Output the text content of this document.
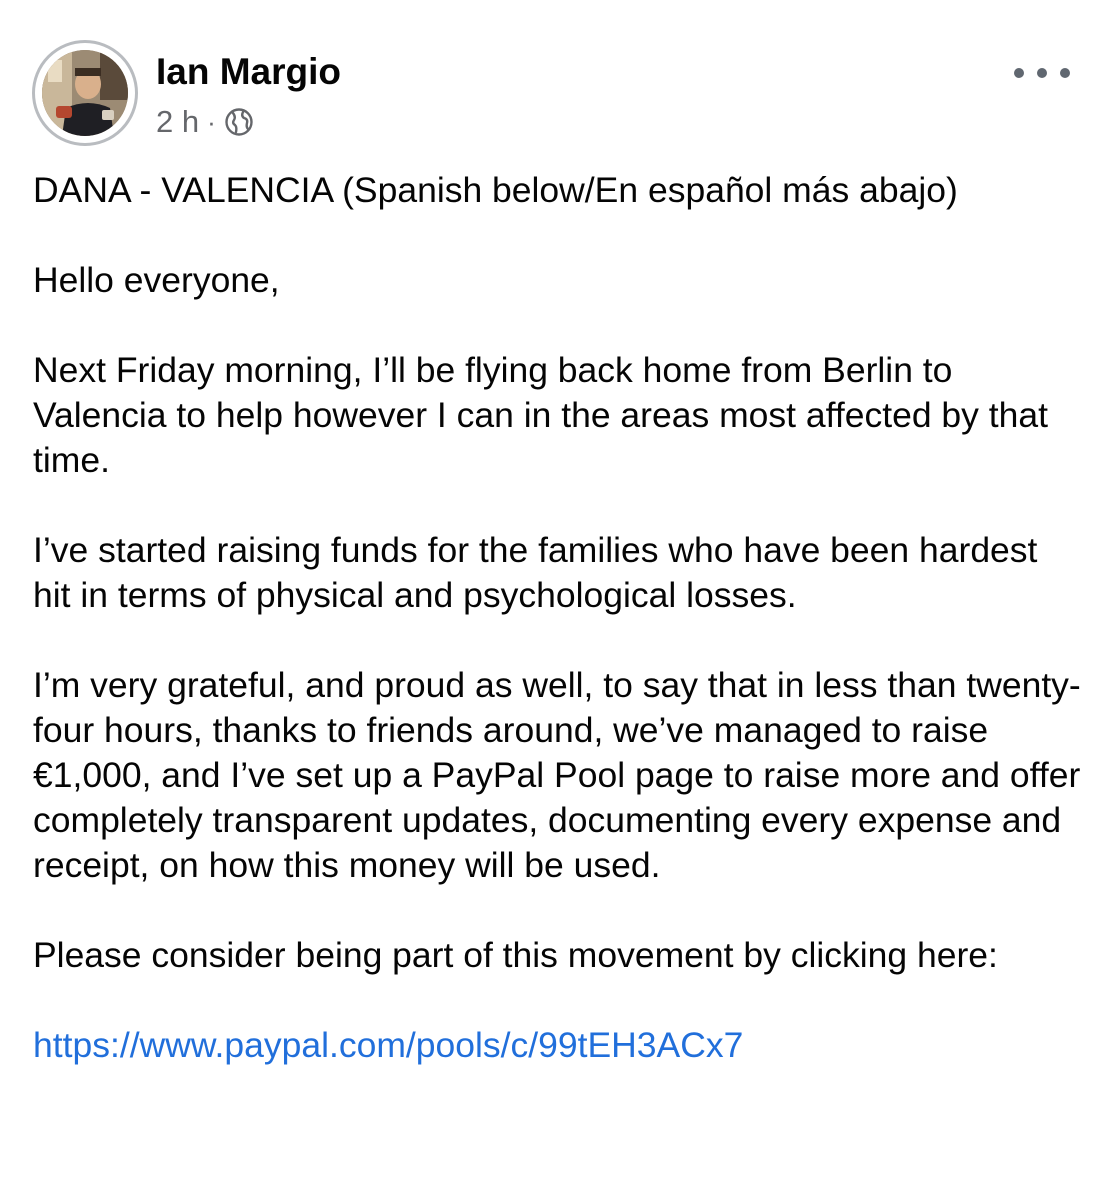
Ian Margio
2 h ·

DANA - VALENCIA (Spanish below/En español más abajo)

Hello everyone,

Next Friday morning, I’ll be flying back home from Berlin to Valencia to help however I can in the areas most affected by that time.

I’ve started raising funds for the families who have been hardest hit in terms of physical and psychological losses.

I’m very grateful, and proud as well, to say that in less than twenty-four hours, thanks to friends around, we’ve managed to raise €1,000, and I’ve set up a PayPal Pool page to raise more and offer completely transparent updates, documenting every expense and receipt, on how this money will be used.

Please consider being part of this movement by clicking here:

https://www.paypal.com/pools/c/99tEH3ACx7
